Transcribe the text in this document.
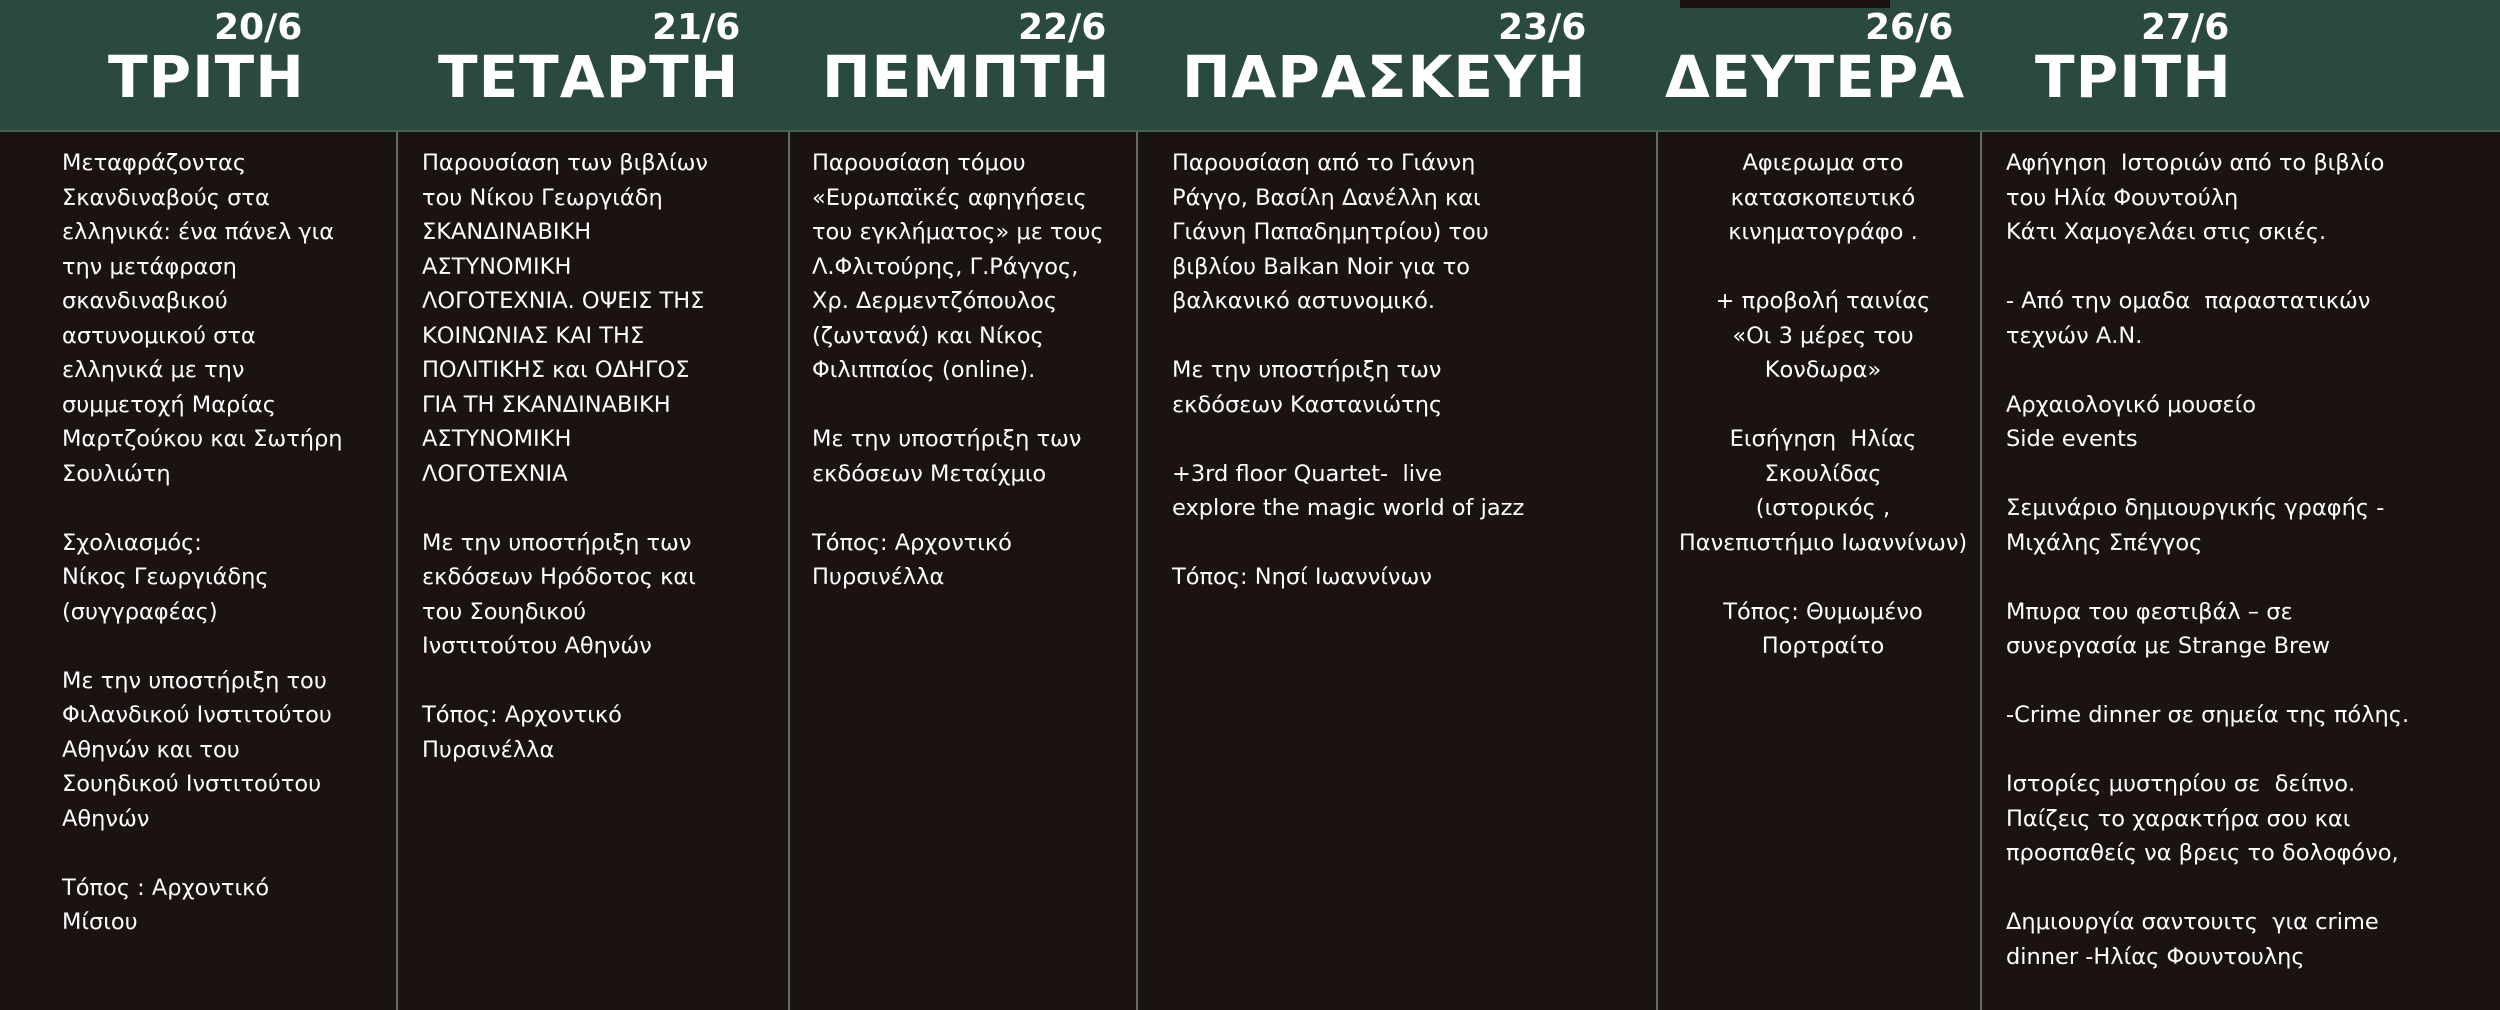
20/6
ΤΡΙΤΗ
21/6
ΤΕΤΑΡΤΗ
22/6
ΠΕΜΠΤΗ
23/6
ΠΑΡΑΣΚΕΥΗ
26/6
ΔΕΥΤΕΡΑ
27/6
ΤΡΙΤΗ

Μεταφράζοντας
Σκανδιναβούς στα
ελληνικά: ένα πάνελ για
την μετάφραση
σκανδιναβικού
αστυνομικού στα
ελληνικά με την
συμμετοχή Μαρίας
Μαρτζούκου και Σωτήρη
Σουλιώτη

Σχολιασμός:
Νίκος Γεωργιάδης
(συγγραφέας)

Με την υποστήριξη του
Φιλανδικού Ινστιτούτου
Αθηνών και του
Σουηδικού Ινστιτούτου
Αθηνών

Τόπος : Αρχοντικό
Μίσιου

Παρουσίαση των βιβλίων
του Νίκου Γεωργιάδη
ΣΚΑΝΔΙΝΑΒΙΚΗ
ΑΣΤΥΝΟΜΙΚΗ
ΛΟΓΟΤΕΧΝΙΑ. ΟΨΕΙΣ ΤΗΣ
ΚΟΙΝΩΝΙΑΣ ΚΑΙ ΤΗΣ
ΠΟΛΙΤΙΚΗΣ και ΟΔΗΓΟΣ
ΓΙΑ ΤΗ ΣΚΑΝΔΙΝΑΒΙΚΗ
ΑΣΤΥΝΟΜΙΚΗ
ΛΟΓΟΤΕΧΝΙΑ

Με την υποστήριξη των
εκδόσεων Ηρόδοτος και
του Σουηδικού
Ινστιτούτου Αθηνών

Τόπος: Αρχοντικό
Πυρσινέλλα

Παρουσίαση τόμου
«Ευρωπαϊκές αφηγήσεις
του εγκλήματος» με τους
Λ.Φλιτούρης, Γ.Ράγγος,
Χρ. Δερμεντζόπουλος
(ζωντανά) και Νίκος
Φιλιππαίος (online).

Με την υποστήριξη των
εκδόσεων Μεταίχμιο

Τόπος: Αρχοντικό
Πυρσινέλλα

Παρουσίαση από το Γιάννη
Ράγγο, Βασίλη Δανέλλη και
Γιάννη Παπαδημητρίου) του
βιβλίου Balkan Noir για το
βαλκανικό αστυνομικό.

Με την υποστήριξη των
εκδόσεων Καστανιώτης

+3rd floor Quartet-  live
explore the magic world of jazz

Τόπος: Νησί Ιωαννίνων

Αφιερωμα στο
κατασκοπευτικό
κινηματογράφο .

+ προβολή ταινίας
«Οι 3 μέρες του
Κονδωρα»

Εισήγηση  Ηλίας
Σκουλίδας
(ιστορικός ,
Πανεπιστήμιο Ιωαννίνων)

Τόπος: Θυμωμένο
Πορτραίτο

Αφήγηση  Ιστοριών από το βιβλίο
του Ηλία Φουντούλη
Κάτι Χαμογελάει στις σκιές.

- Από την ομαδα  παραστατικών
τεχνών Α.Ν.

Αρχαιολογικό μουσείο
Side events

Σεμινάριο δημιουργικής γραφής -
Μιχάλης Σπέγγος

Μπυρα του φεστιβάλ – σε
συνεργασία με Strange Brew

-Crime dinner σε σημεία της πόλης.

Ιστορίες μυστηρίου σε  δείπνο.
Παίζεις το χαρακτήρα σου και
προσπαθείς να βρεις το δολοφόνο,

Δημιουργία σαντουιτς  για crime
dinner -Ηλίας Φουντουλης
